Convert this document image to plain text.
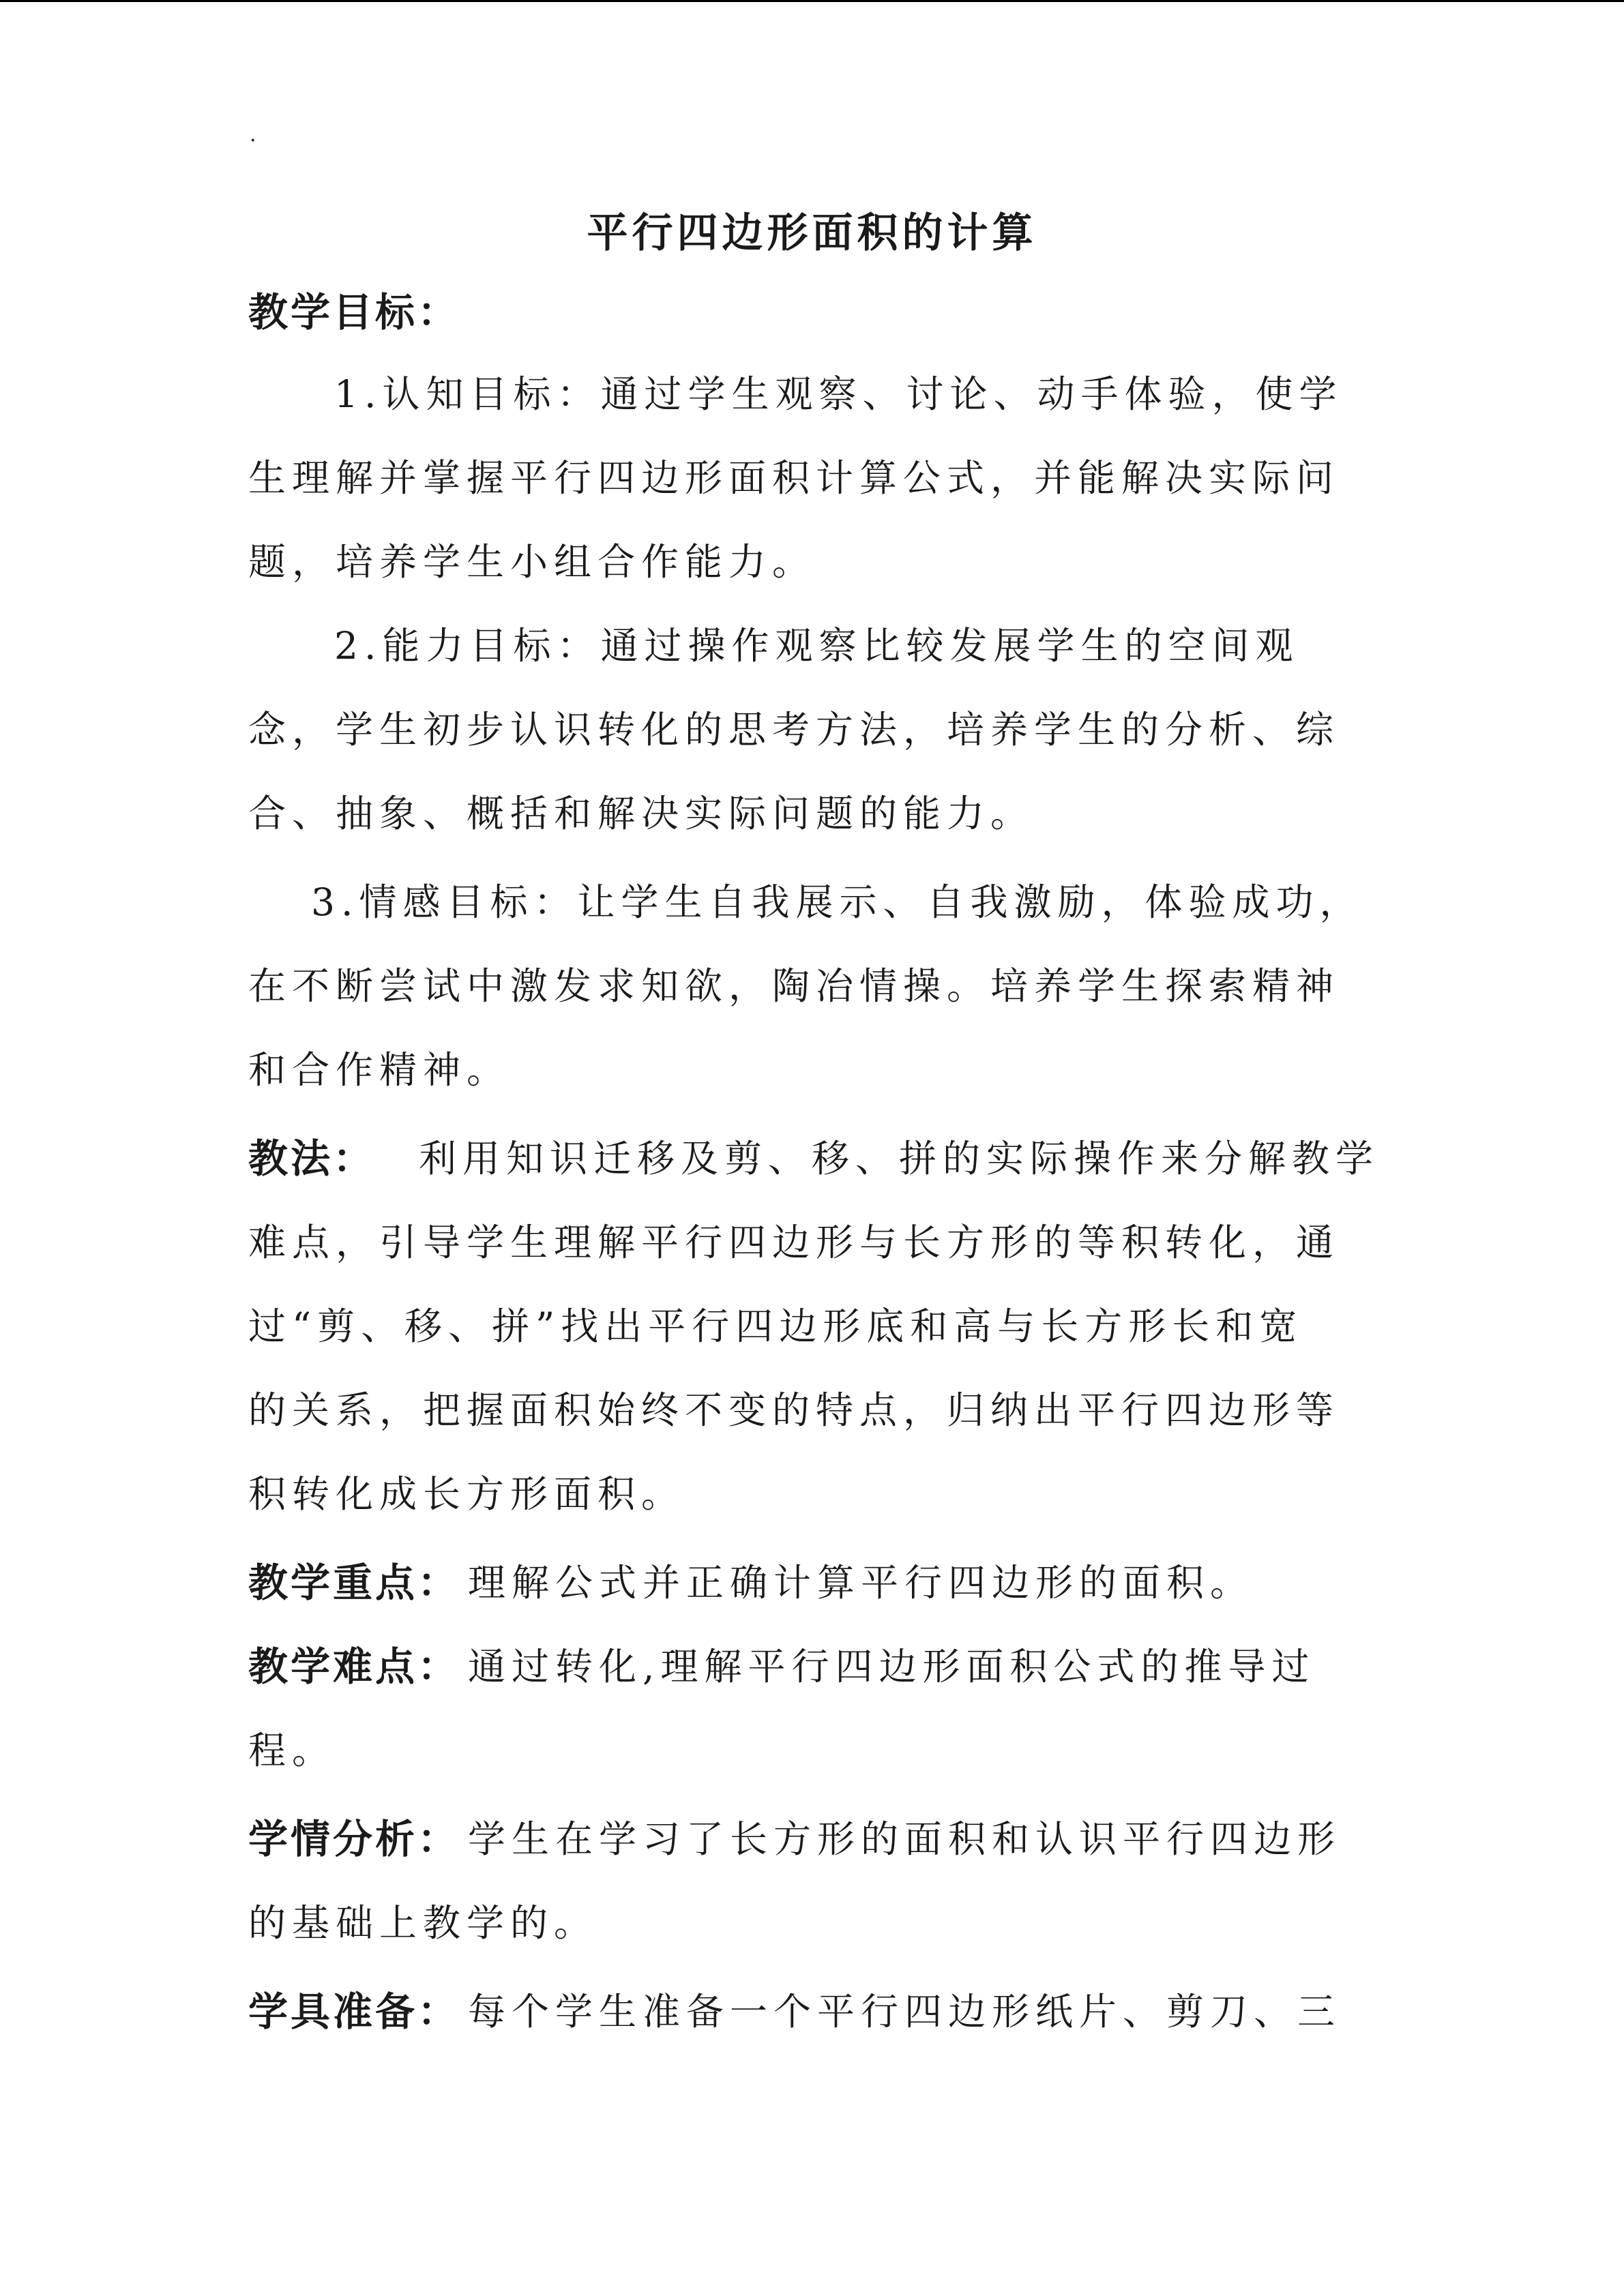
.
平行四边形面积的计算
教学目标：
1.认知目标：通过学生观察、讨论、动手体验，使学
生理解并掌握平行四边形面积计算公式，并能解决实际问
题，培养学生小组合作能力。
2.能力目标：通过操作观察比较发展学生的空间观
念，学生初步认识转化的思考方法，培养学生的分析、综
合、抽象、概括和解决实际问题的能力。
3.情感目标：让学生自我展示、自我激励，体验成功，
在不断尝试中激发求知欲，陶冶情操。培养学生探索精神
和合作精神。
教法： 利用知识迁移及剪、移、拼的实际操作来分解教学
难点，引导学生理解平行四边形与长方形的等积转化，通
过“剪、移、拼”找出平行四边形底和高与长方形长和宽
的关系，把握面积始终不变的特点，归纳出平行四边形等
积转化成长方形面积。
教学重点： 理解公式并正确计算平行四边形的面积。
教学难点： 通过转化,理解平行四边形面积公式的推导过
程。
学情分析： 学生在学习了长方形的面积和认识平行四边形
的基础上教学的。
学具准备： 每个学生准备一个平行四边形纸片、剪刀、三
